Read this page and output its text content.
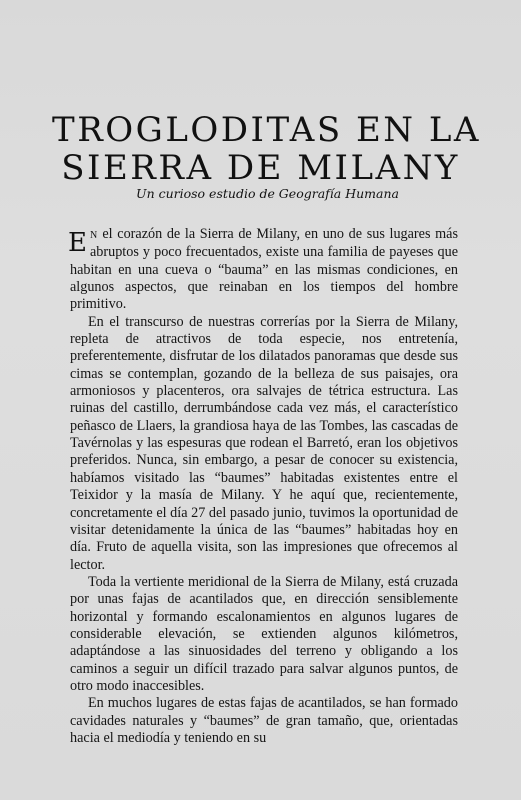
TROGLODITAS EN LA
SIERRA DE MILANY

Un curioso estudio de Geografía Humana

E N el corazón de la Sierra de Milany, en uno de sus lugares más abruptos y poco frecuentados, existe una familia de payeses que habitan en una cueva o “bauma” en las mismas condiciones, en algunos aspectos, que reinaban en los tiempos del hombre primitivo.

En el transcurso de nuestras correrías por la Sierra de Milany, repleta de atractivos de toda especie, nos entretenía, preferentemente, disfrutar de los dilatados panoramas que desde sus cimas se contemplan, gozando de la belleza de sus paisajes, ora armoniosos y placenteros, ora salvajes de tétrica estructura. Las ruinas del castillo, derrumbándose cada vez más, el característico peñasco de Llaers, la grandiosa haya de las Tombes, las cascadas de Tavérnolas y las espesuras que rodean el Barretó, eran los objetivos preferidos. Nunca, sin embargo, a pesar de conocer su existencia, habíamos visitado las “baumes” habitadas existentes entre el Teixidor y la masía de Milany. Y he aquí que, recientemente, concretamente el día 27 del pasado junio, tuvimos la oportunidad de visitar detenidamente la única de las “baumes” habitadas hoy en día. Fruto de aquella visita, son las impresiones que ofrecemos al lector.

Toda la vertiente meridional de la Sierra de Milany, está cruzada por unas fajas de acantilados que, en dirección sensiblemente horizontal y formando escalonamientos en algunos lugares de considerable elevación, se extienden algunos kilómetros, adaptándose a las sinuosidades del terreno y obligando a los caminos a seguir un difícil trazado para salvar algunos puntos, de otro modo inaccesibles.

En muchos lugares de estas fajas de acantilados, se han formado cavidades naturales y “baumes” de gran tamaño, que, orientadas hacia el mediodía y teniendo en su
